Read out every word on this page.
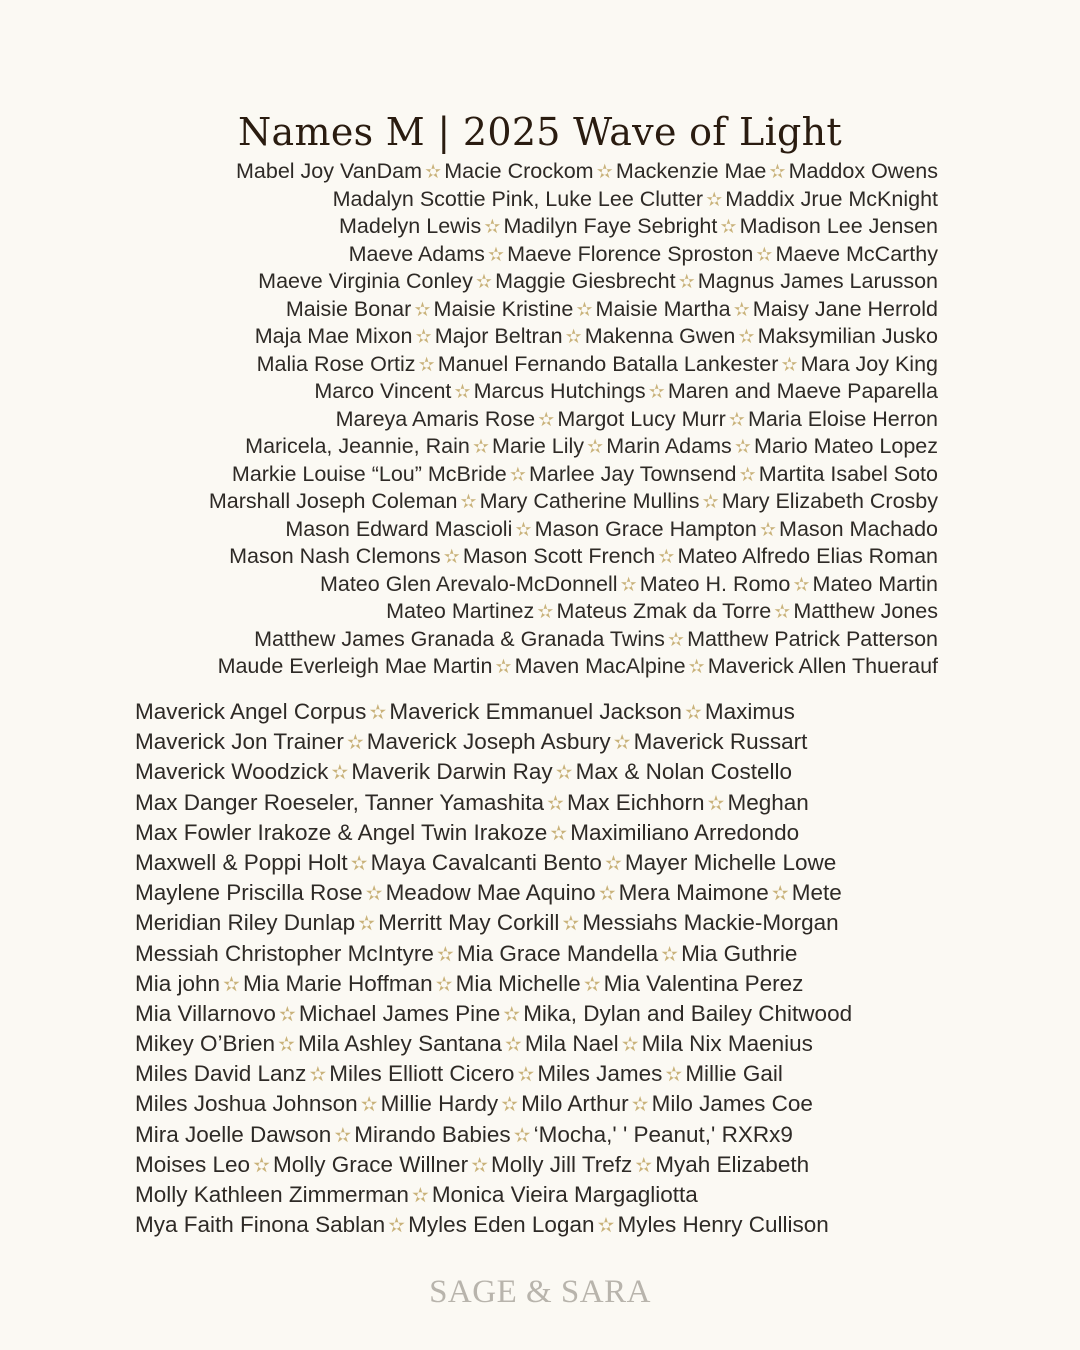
Names M | 2025 Wave of Light
Mabel Joy VanDam ✫ Macie Crockom ✫ Mackenzie Mae ✫ Maddox Owens
Madalyn Scottie Pink, Luke Lee Clutter ✫ Maddix Jrue McKnight
Madelyn Lewis ✫ Madilyn Faye Sebright ✫ Madison Lee Jensen
Maeve Adams ✫ Maeve Florence Sproston ✫ Maeve McCarthy
Maeve Virginia Conley ✫ Maggie Giesbrecht ✫ Magnus James Larusson
Maisie Bonar ✫ Maisie Kristine ✫ Maisie Martha ✫ Maisy Jane Herrold
Maja Mae Mixon ✫ Major Beltran ✫ Makenna Gwen ✫ Maksymilian Jusko
Malia Rose Ortiz ✫ Manuel Fernando Batalla Lankester ✫ Mara Joy King
Marco Vincent ✫ Marcus Hutchings ✫ Maren and Maeve Paparella
Mareya Amaris Rose ✫ Margot Lucy Murr ✫ Maria Eloise Herron
Maricela, Jeannie, Rain ✫ Marie Lily ✫ Marin Adams ✫ Mario Mateo Lopez
Markie Louise “Lou” McBride ✫ Marlee Jay Townsend ✫ Martita Isabel Soto
Marshall Joseph Coleman ✫ Mary Catherine Mullins ✫ Mary Elizabeth Crosby
Mason Edward Mascioli ✫ Mason Grace Hampton ✫ Mason Machado
Mason Nash Clemons ✫ Mason Scott French ✫ Mateo Alfredo Elias Roman
Mateo Glen Arevalo-McDonnell ✫ Mateo H. Romo ✫ Mateo Martin
Mateo Martinez ✫ Mateus Zmak da Torre ✫ Matthew Jones
Matthew James Granada & Granada Twins ✫ Matthew Patrick Patterson
Maude Everleigh Mae Martin ✫ Maven MacAlpine ✫ Maverick Allen Thuerauf
Maverick Angel Corpus ✫ Maverick Emmanuel Jackson ✫ Maximus
Maverick Jon Trainer ✫ Maverick Joseph Asbury ✫ Maverick Russart
Maverick Woodzick ✫ Maverik Darwin Ray ✫ Max & Nolan Costello
Max Danger Roeseler, Tanner Yamashita ✫ Max Eichhorn ✫ Meghan
Max Fowler Irakoze & Angel Twin Irakoze ✫ Maximiliano Arredondo
Maxwell & Poppi Holt ✫ Maya Cavalcanti Bento ✫ Mayer Michelle Lowe
Maylene Priscilla Rose ✫ Meadow Mae Aquino ✫ Mera Maimone ✫ Mete
Meridian Riley Dunlap ✫ Merritt May Corkill ✫ Messiahs Mackie-Morgan
Messiah Christopher McIntyre ✫ Mia Grace Mandella ✫ Mia Guthrie
Mia john ✫ Mia Marie Hoffman ✫ Mia Michelle ✫ Mia Valentina Perez
Mia Villarnovo ✫ Michael James Pine ✫ Mika, Dylan and Bailey Chitwood
Mikey O’Brien ✫ Mila Ashley Santana ✫ Mila Nael ✫ Mila Nix Maenius
Miles David Lanz ✫ Miles Elliott Cicero ✫ Miles James ✫ Millie Gail
Miles Joshua Johnson ✫ Millie Hardy ✫ Milo Arthur ✫ Milo James Coe
Mira Joelle Dawson ✫ Mirando Babies ✫ ‘Mocha,' ' Peanut,' RXRx9
Moises Leo ✫ Molly Grace Willner ✫ Molly Jill Trefz ✫ Myah Elizabeth
Molly Kathleen Zimmerman ✫ Monica Vieira Margagliotta
Mya Faith Finona Sablan ✫ Myles Eden Logan ✫ Myles Henry Cullison
SAGE & SARA
